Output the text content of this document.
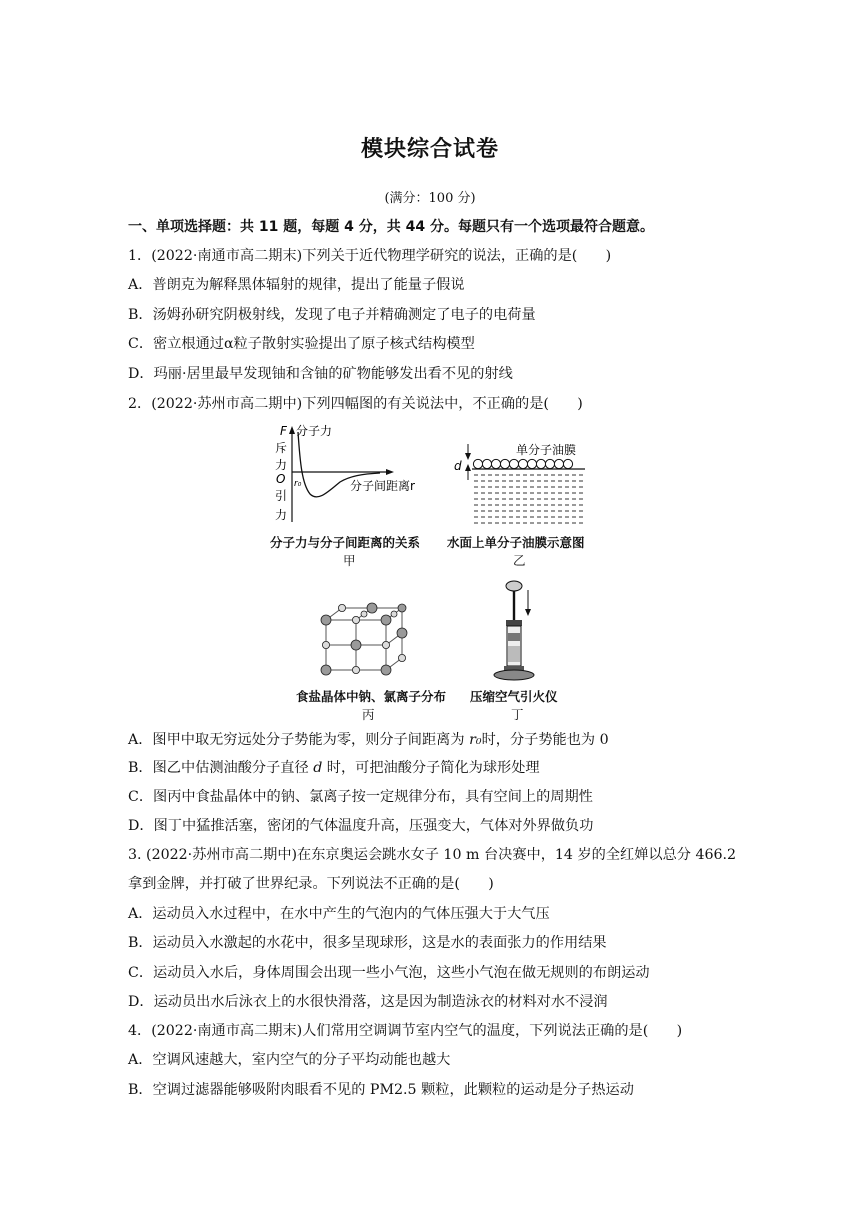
模块综合试卷
(满分：100 分)
一、单项选择题：共 11 题，每题 4 分，共 44 分。每题只有一个选项最符合题意。
1．(2022·南通市高二期末)下列关于近代物理学研究的说法，正确的是(　　)
A．普朗克为解释黑体辐射的规律，提出了能量子假说
B．汤姆孙研究阴极射线，发现了电子并精确测定了电子的电荷量
C．密立根通过α粒子散射实验提出了原子核式结构模型
D．玛丽·居里最早发现铀和含铀的矿物能够发出看不见的射线
2．(2022·苏州市高二期中)下列四幅图的有关说法中，不正确的是(　　)
F
斥
力
O
引
力
分子力
r₀	分子间距离r
分子力与分子间距离的关系
甲
d
单分子油膜
水面上单分子油膜示意图
乙
食盐晶体中钠、氯离子分布
丙
压缩空气引火仪
丁
A．图甲中取无穷远处分子势能为零，则分子间距离为 r₀时，分子势能也为 0
B．图乙中估测油酸分子直径 d 时，可把油酸分子简化为球形处理
C．图丙中食盐晶体中的钠、氯离子按一定规律分布，具有空间上的周期性
D．图丁中猛推活塞，密闭的气体温度升高，压强变大，气体对外界做负功
3. (2022·苏州市高二期中)在东京奥运会跳水女子 10 m 台决赛中，14 岁的全红婵以总分 466.2
拿到金牌，并打破了世界纪录。下列说法不正确的是(　　)
A．运动员入水过程中，在水中产生的气泡内的气体压强大于大气压
B．运动员入水激起的水花中，很多呈现球形，这是水的表面张力的作用结果
C．运动员入水后，身体周围会出现一些小气泡，这些小气泡在做无规则的布朗运动
D．运动员出水后泳衣上的水很快滑落，这是因为制造泳衣的材料对水不浸润
4．(2022·南通市高二期末)人们常用空调调节室内空气的温度，下列说法正确的是(　　)
A．空调风速越大，室内空气的分子平均动能也越大
B．空调过滤器能够吸附肉眼看不见的 PM2.5 颗粒，此颗粒的运动是分子热运动
